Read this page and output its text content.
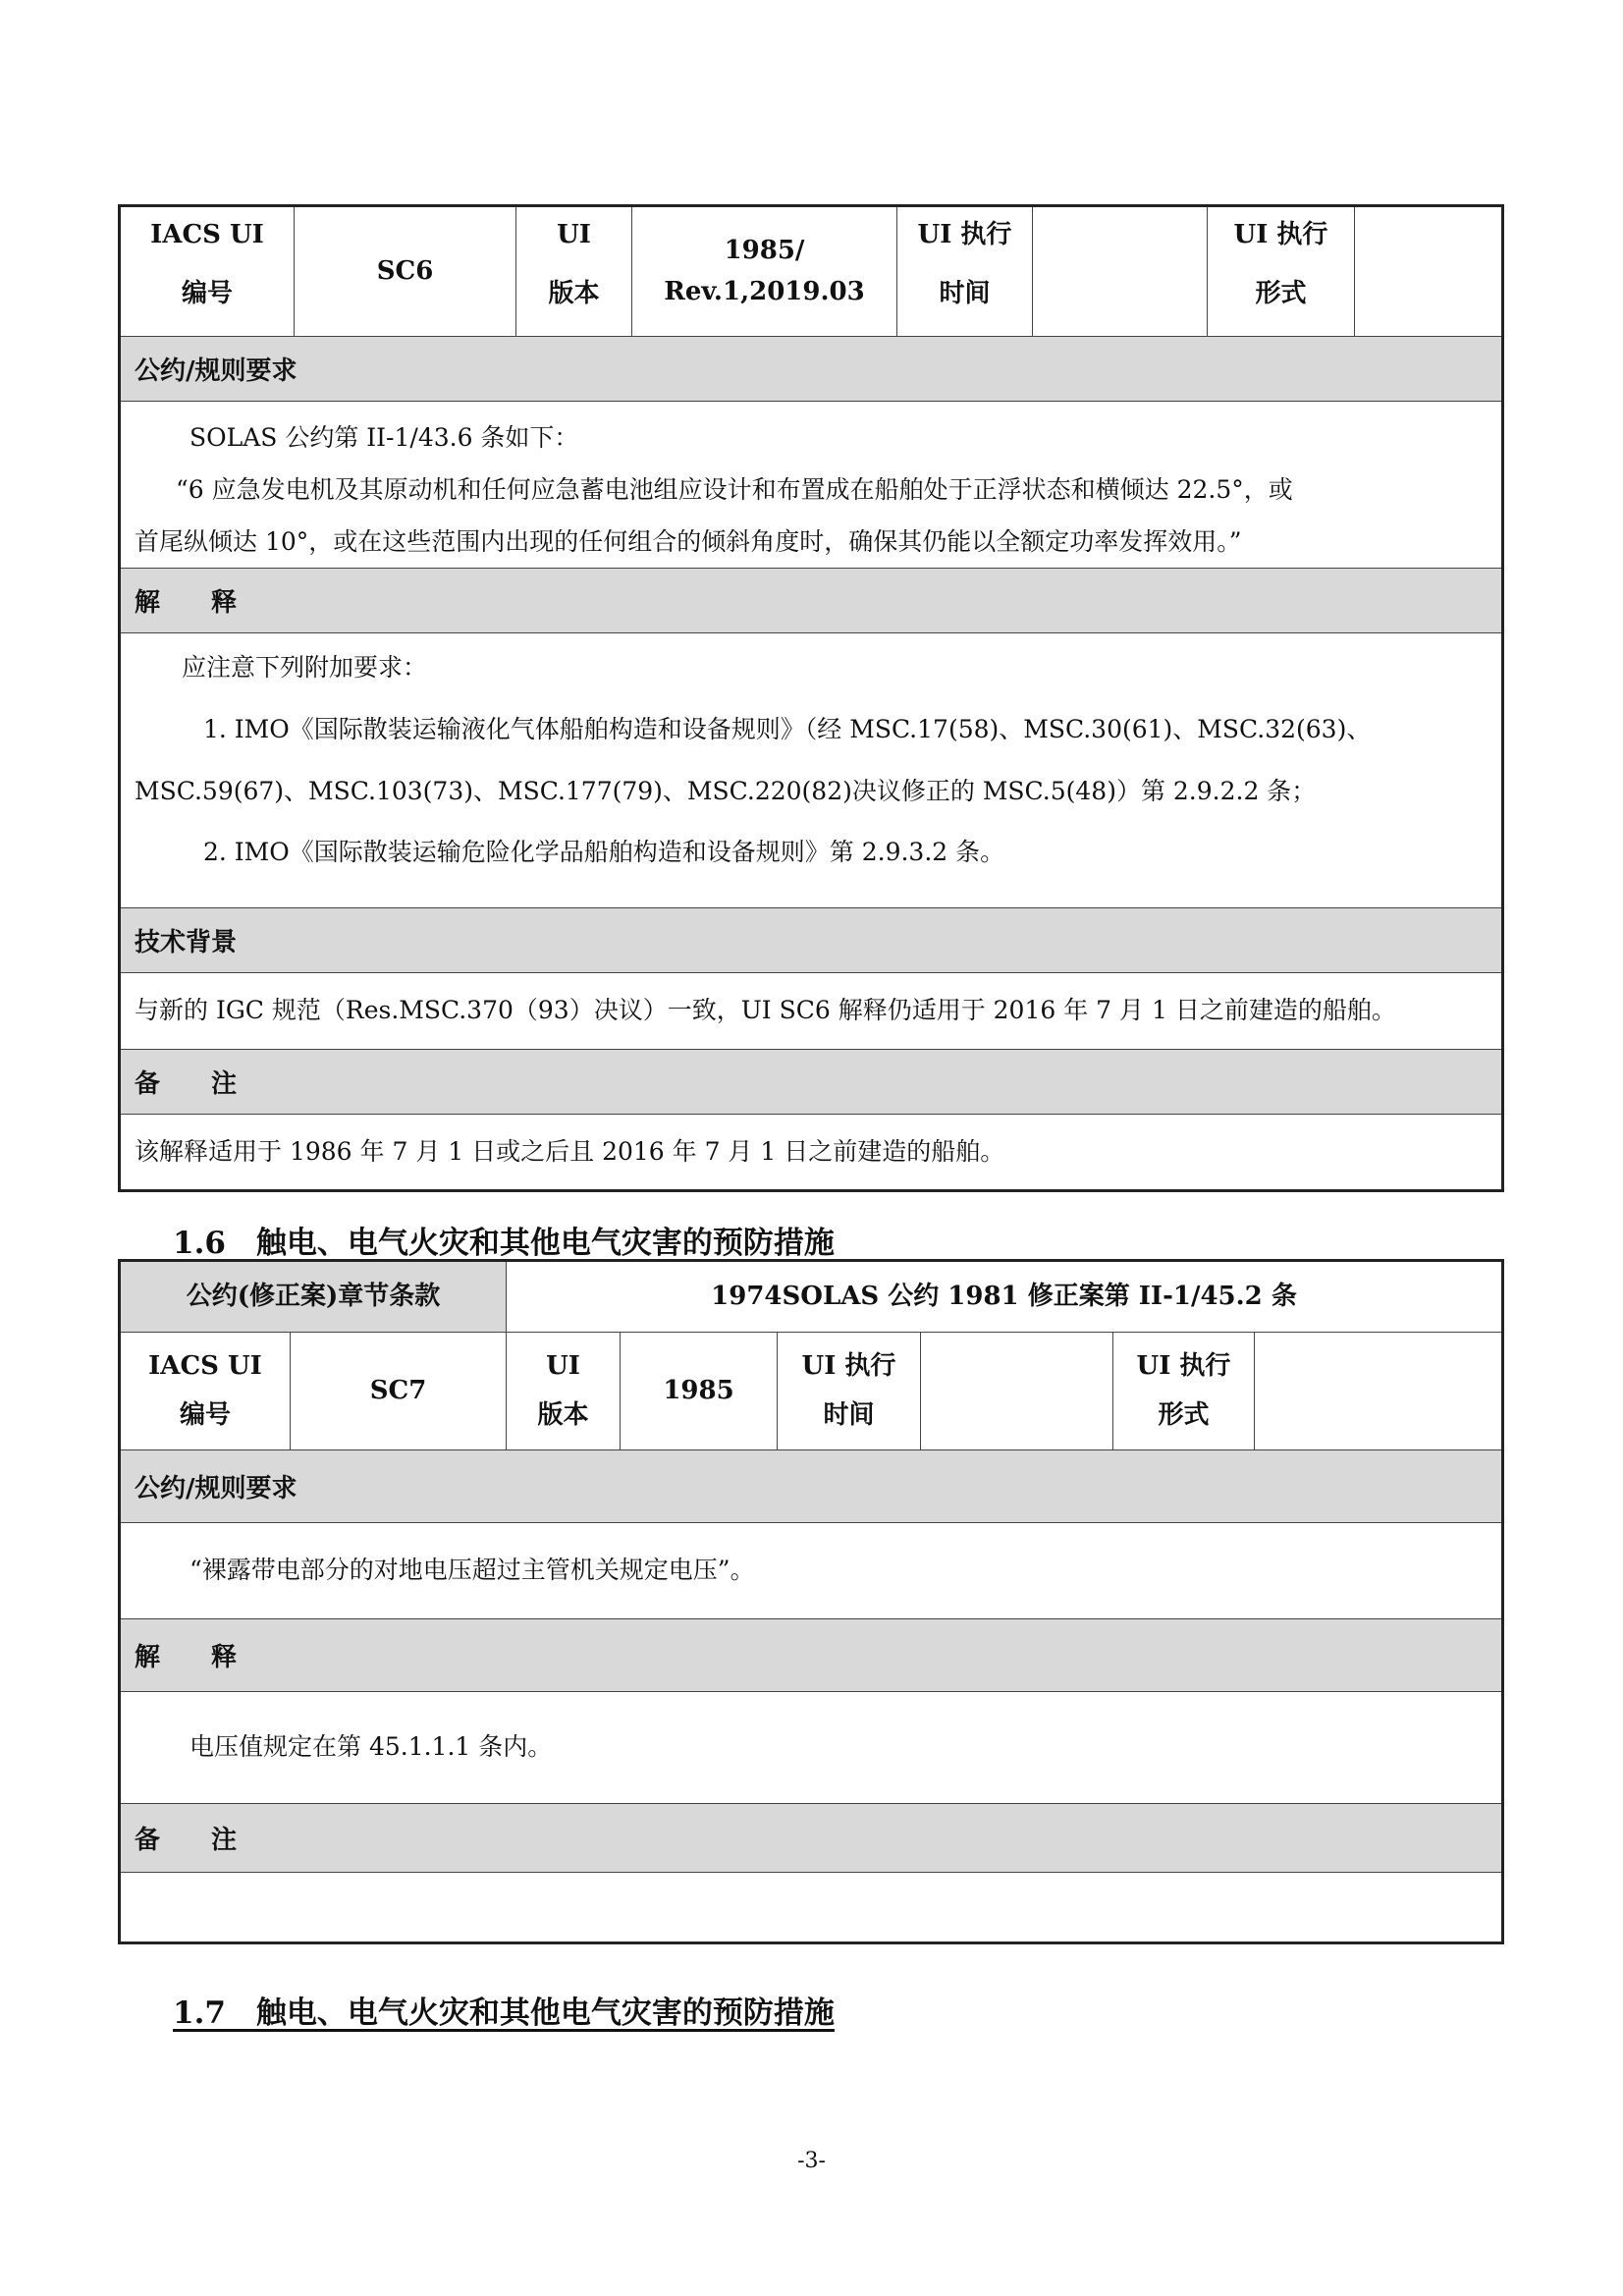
IACS UI
编号
SC6
UI
版本
1985/
Rev.1,2019.03
UI 执行
时间
UI 执行
形式
公约/规则要求

SOLAS 公约第 II-1/43.6 条如下：

“6 应急发电机及其原动机和任何应急蓄电池组应设计和布置成在船舶处于正浮状态和横倾达 22.5°，或

首尾纵倾达 10°，或在这些范围内出现的任何组合的倾斜角度时，确保其仍能以全额定功率发挥效用。”

解　　释

应注意下列附加要求：

1. IMO《国际散装运输液化气体船舶构造和设备规则》（经 MSC.17(58)、MSC.30(61)、MSC.32(63)、

MSC.59(67)、MSC.103(73)、MSC.177(79)、MSC.220(82)决议修正的 MSC.5(48)）第 2.9.2.2 条；

2. IMO《国际散装运输危险化学品船舶构造和设备规则》第 2.9.3.2 条。

技术背景
与新的 IGC 规范（Res.MSC.370（93）决议）一致，UI SC6 解释仍适用于 2016 年 7 月 1 日之前建造的船舶。
备　　注
该解释适用于 1986 年 7 月 1 日或之后且 2016 年 7 月 1 日之前建造的船舶。
1.6　触电、电气火灾和其他电气灾害的预防措施
公约(修正案)章节条款	1974SOLAS 公约 1981 修正案第 II-1/45.2 条
IACS UI
编号
SC7
UI
版本
1985
UI 执行
时间
UI 执行
形式
公约/规则要求
“裸露带电部分的对地电压超过主管机关规定电压”。
解　　释
电压值规定在第 45.1.1.1 条内。
备　　注
1.7　触电、电气火灾和其他电气灾害的预防措施
-3-
